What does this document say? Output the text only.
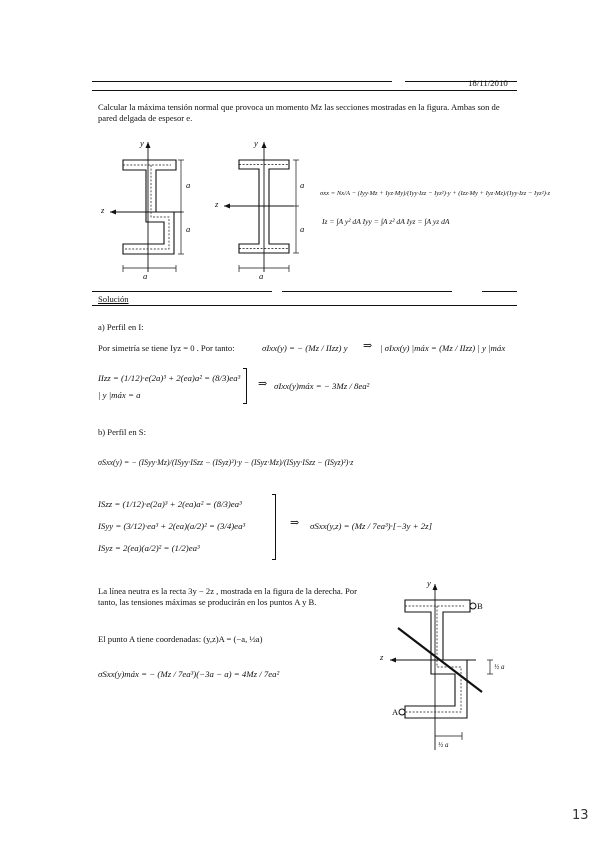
18/11/2010
Calcular la máxima tensión normal que provoca un momento Mz las secciones mostradas en la figura. Ambas son de pared delgada de espesor e.
y
z
a
a
a
y
z
a
a
a
σxx = Nx/A − (Iyy·Mz + Iyz·My)/(Iyy·Izz − Iyz²)·y + (Izz·My + Iyz·Mz)/(Iyy·Izz − Iyz²)·z
Iz = ∫A y² dA Iyy = ∫A z² dA Iyz = ∫A yz dA
Solución
a) Perfil en I:
Por simetría se tiene Iyz = 0 . Por tanto:	σIxx(y) = − (Mz / IIzz) y ⇒ | σIxx(y) |máx = (Mz / IIzz) | y |máx
IIzz = (1/12)·e(2a)³ + 2(ea)a² = (8/3)ea³
| y |máx = a
⇒ σIxx(y)máx = − 3Mz / 8ea²
b) Perfil en S:
σSxx(y) = − (ISyy·Mz)/(ISyy·ISzz − (ISyz)²)·y − (ISyz·Mz)/(ISyy·ISzz − (ISyz)²)·z
ISzz = (1/12)·e(2a)³ + 2(ea)a² = (8/3)ea³
ISyy = (3/12)·ea³ + 2(ea)(a/2)² = (3/4)ea³
ISyz = 2(ea)(a/2)² = (1/2)ea³
⇒ σSxx(y,z) = (Mz / 7ea³)·[−3y + 2z]
La línea neutra es la recta 3y − 2z , mostrada en la figura de la derecha. Por tanto, las tensiones máximas se producirán en los puntos A y B.
El punto A tiene coordenadas: (y,z)A = (−a, ½a)
σSxx(y)máx = − (Mz / 7ea³)(−3a − a) = 4Mz / 7ea²
y
z
B
A
½ a
½ a
13
